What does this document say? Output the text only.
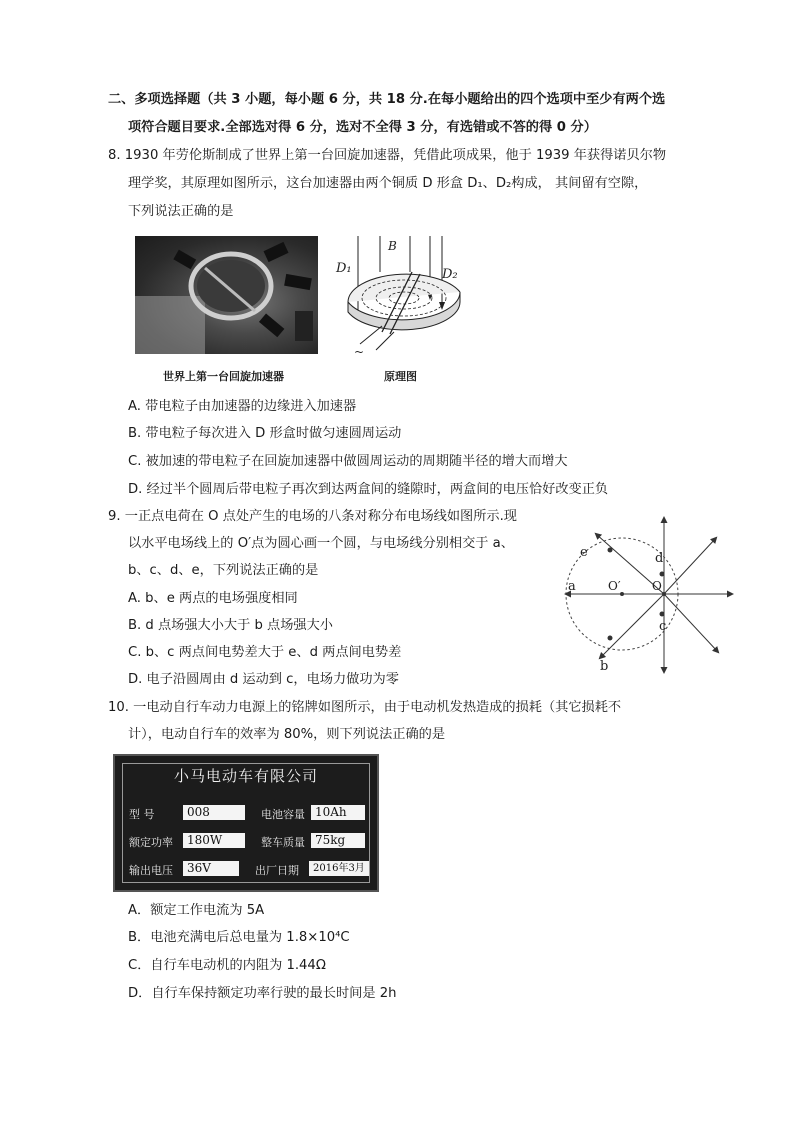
二、多项选择题（共 3 小题，每小题 6 分，共 18 分.在每小题给出的四个选项中至少有两个选
项符合题目要求.全部选对得 6 分，选对不全得 3 分，有选错或不答的得 0 分）
8. 1930 年劳伦斯制成了世界上第一台回旋加速器，凭借此项成果，他于 1939 年获得诺贝尔物
理学奖，其原理如图所示，这台加速器由两个铜质 D 形盒 D₁、D₂构成， 其间留有空隙，
下列说法正确的是
B
D₁	D₂
~
世界上第一台回旋加速器	原理图
A. 带电粒子由加速器的边缘进入加速器
B. 带电粒子每次进入 D 形盒时做匀速圆周运动
C. 被加速的带电粒子在回旋加速器中做圆周运动的周期随半径的增大而增大
D. 经过半个圆周后带电粒子再次到达两盒间的缝隙时，两盒间的电压恰好改变正负
9. 一正点电荷在 O 点处产生的电场的八条对称分布电场线如图所示.现
以水平电场线上的 O′点为圆心画一个圆，与电场线分别相交于 a、
b、c、d、e，下列说法正确的是
A. b、e 两点的电场强度相同
B. d 点场强大小大于 b 点场强大小
C. b、c 两点间电势差大于 e、d 两点间电势差
D. 电子沿圆周由 d 运动到 c，电场力做功为零
a
b
c
d
e
O′	O
10. 一电动自行车动力电源上的铭牌如图所示，由于电动机发热造成的损耗（其它损耗不
计），电动自行车的效率为 80%，则下列说法正确的是
小马电动车有限公司
型 号	008	电池容量 10Ah
额定功率	180W	整车质量 75kg
输出电压	36V	出厂日期	2016年3月
A．额定工作电流为 5A
B．电池充满电后总电量为 1.8×10⁴C
C．自行车电动机的内阻为 1.44Ω
D．自行车保持额定功率行驶的最长时间是 2h
